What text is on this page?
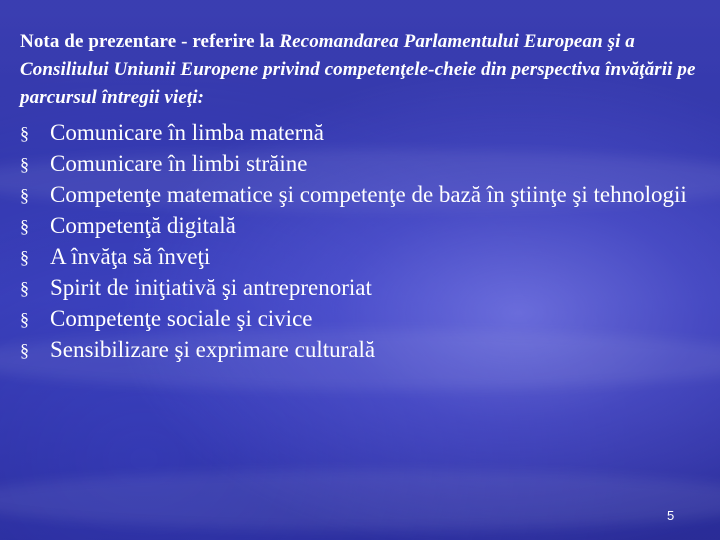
Nota de prezentare - referire la Recomandarea Parlamentului European şi a Consiliului Uniunii Europene privind competenţele-cheie din perspectiva învăţării pe parcursul întregii vieţi:
§ Comunicare în limba maternă
§ Comunicare în limbi străine
§ Competenţe matematice şi competenţe de bază în ştiinţe şi tehnologii
§ Competenţă digitală
§ A învăţa să înveţi
§ Spirit de iniţiativă şi antreprenoriat
§ Competenţe sociale şi civice
§ Sensibilizare şi exprimare culturală
5
